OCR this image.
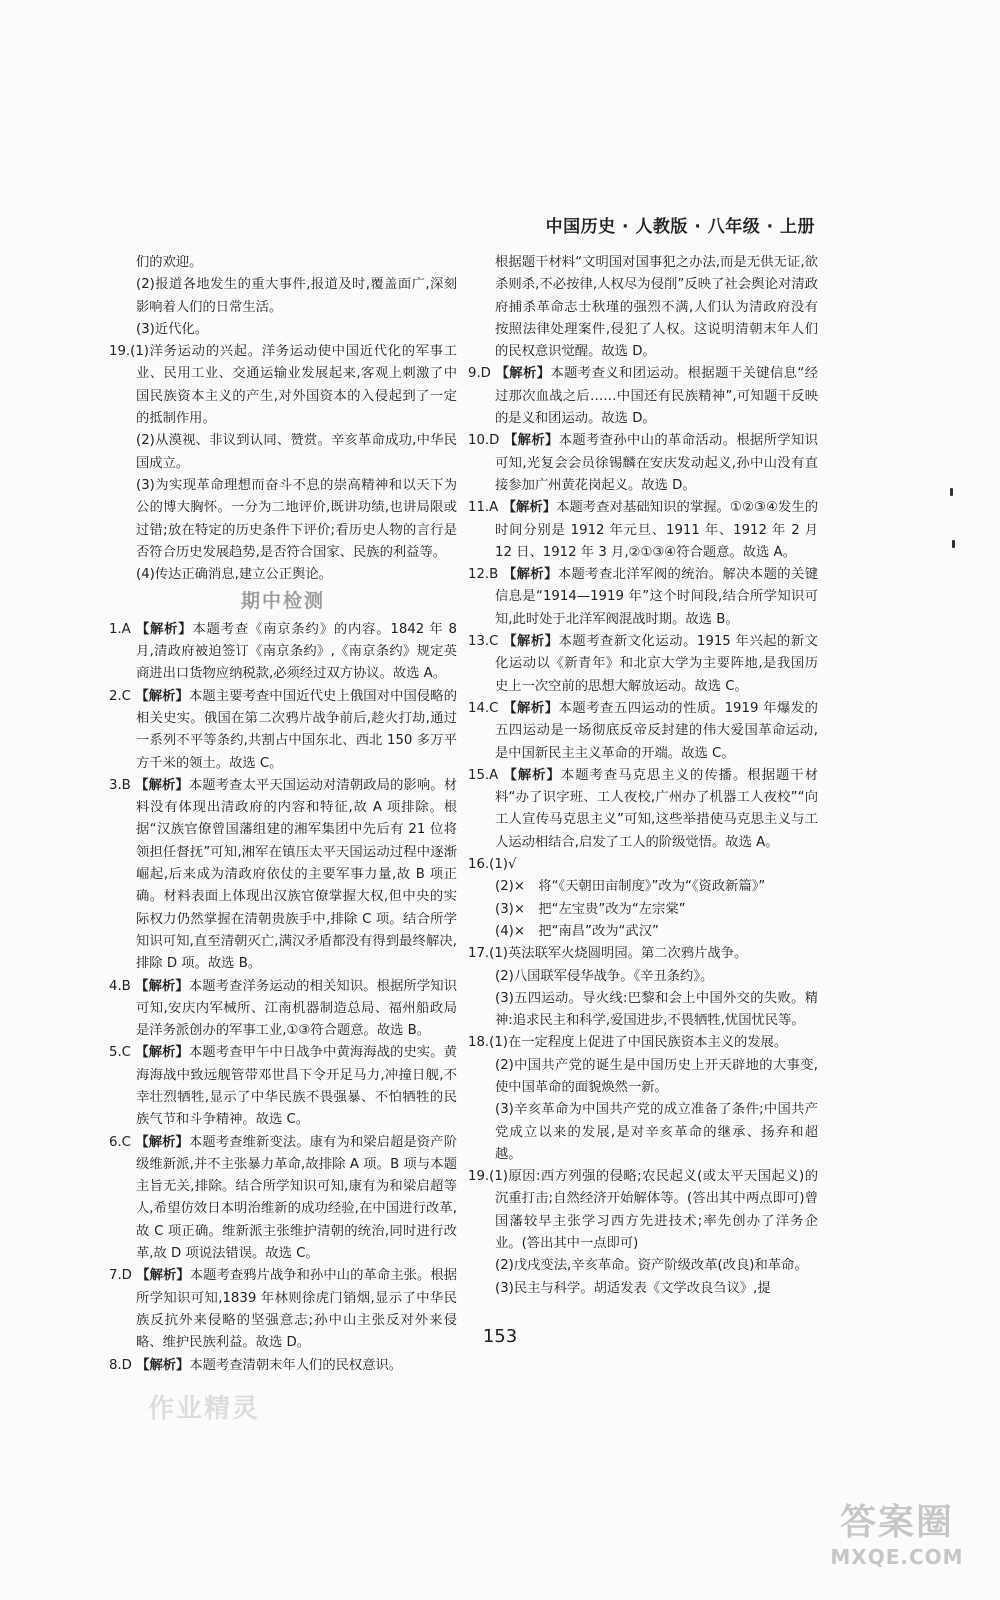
中国历史 · 人教版 · 八年级 · 上册

们的欢迎。

(2)报道各地发生的重大事件,报道及时,覆盖面广,深刻影响着人们的日常生活。

(3)近代化。

19.(1)洋务运动的兴起。洋务运动使中国近代化的军事工业、民用工业、交通运输业发展起来,客观上刺激了中国民族资本主义的产生,对外国资本的入侵起到了一定的抵制作用。

(2)从漠视、非议到认同、赞赏。辛亥革命成功,中华民国成立。

(3)为实现革命理想而奋斗不息的崇高精神和以天下为公的博大胸怀。一分为二地评价,既讲功绩,也讲局限或过错;放在特定的历史条件下评价;看历史人物的言行是否符合历史发展趋势,是否符合国家、民族的利益等。

(4)传达正确消息,建立公正舆论。

期中检测

1.A 【解析】本题考查《南京条约》的内容。1842 年 8 月,清政府被迫签订《南京条约》,《南京条约》规定英商进出口货物应纳税款,必须经过双方协议。故选 A。

2.C 【解析】本题主要考查中国近代史上俄国对中国侵略的相关史实。俄国在第二次鸦片战争前后,趁火打劫,通过一系列不平等条约,共割占中国东北、西北 150 多万平方千米的领土。故选 C。

3.B 【解析】本题考查太平天国运动对清朝政局的影响。材料没有体现出清政府的内容和特征,故 A 项排除。根据“汉族官僚曾国藩组建的湘军集团中先后有 21 位将领担任督抚”可知,湘军在镇压太平天国运动过程中逐渐崛起,后来成为清政府依仗的主要军事力量,故 B 项正确。材料表面上体现出汉族官僚掌握大权,但中央的实际权力仍然掌握在清朝贵族手中,排除 C 项。结合所学知识可知,直至清朝灭亡,满汉矛盾都没有得到最终解决,排除 D 项。故选 B。

4.B 【解析】本题考查洋务运动的相关知识。根据所学知识可知,安庆内军械所、江南机器制造总局、福州船政局是洋务派创办的军事工业,①③符合题意。故选 B。

5.C 【解析】本题考查甲午中日战争中黄海海战的史实。黄海海战中致远舰管带邓世昌下令开足马力,冲撞日舰,不幸壮烈牺牲,显示了中华民族不畏强暴、不怕牺牲的民族气节和斗争精神。故选 C。

6.C 【解析】本题考查维新变法。康有为和梁启超是资产阶级维新派,并不主张暴力革命,故排除 A 项。B 项与本题主旨无关,排除。结合所学知识可知,康有为和梁启超等人,希望仿效日本明治维新的成功经验,在中国进行改革,故 C 项正确。维新派主张维护清朝的统治,同时进行改革,故 D 项说法错误。故选 C。

7.D 【解析】本题考查鸦片战争和孙中山的革命主张。根据所学知识可知,1839 年林则徐虎门销烟,显示了中华民族反抗外来侵略的坚强意志;孙中山主张反对外来侵略、维护民族利益。故选 D。

8.D 【解析】本题考查清朝末年人们的民权意识。

根据题干材料“文明国对国事犯之办法,而是无供无证,欲杀则杀,不必按律,人权尽为侵削”反映了社会舆论对清政府捕杀革命志士秋瑾的强烈不满,人们认为清政府没有按照法律处理案件,侵犯了人权。这说明清朝末年人们的民权意识觉醒。故选 D。

9.D 【解析】本题考查义和团运动。根据题干关键信息“经过那次血战之后……中国还有民族精神”,可知题干反映的是义和团运动。故选 D。

10.D 【解析】本题考查孙中山的革命活动。根据所学知识可知,光复会会员徐锡麟在安庆发动起义,孙中山没有直接参加广州黄花岗起义。故选 D。

11.A 【解析】本题考查对基础知识的掌握。①②③④发生的时间分别是 1912 年元旦、1911 年、1912 年 2 月 12 日、1912 年 3 月,②①③④符合题意。故选 A。

12.B 【解析】本题考查北洋军阀的统治。解决本题的关键信息是“1914—1919 年”这个时间段,结合所学知识可知,此时处于北洋军阀混战时期。故选 B。

13.C 【解析】本题考查新文化运动。1915 年兴起的新文化运动以《新青年》和北京大学为主要阵地,是我国历史上一次空前的思想大解放运动。故选 C。

14.C 【解析】本题考查五四运动的性质。1919 年爆发的五四运动是一场彻底反帝反封建的伟大爱国革命运动,是中国新民主主义革命的开端。故选 C。

15.A 【解析】本题考查马克思主义的传播。根据题干材料“办了识字班、工人夜校,广州办了机器工人夜校”“向工人宣传马克思主义”可知,这些举措使马克思主义与工人运动相结合,启发了工人的阶级觉悟。故选 A。

16.(1)√

(2)×　将“《天朝田亩制度》”改为“《资政新篇》”

(3)×　把“左宝贵”改为“左宗棠”

(4)×　把“南昌”改为“武汉”

17.(1)英法联军火烧圆明园。第二次鸦片战争。

(2)八国联军侵华战争。《辛丑条约》。

(3)五四运动。导火线:巴黎和会上中国外交的失败。精神:追求民主和科学,爱国进步,不畏牺牲,忧国忧民等。

18.(1)在一定程度上促进了中国民族资本主义的发展。

(2)中国共产党的诞生是中国历史上开天辟地的大事变,使中国革命的面貌焕然一新。

(3)辛亥革命为中国共产党的成立准备了条件;中国共产党成立以来的发展,是对辛亥革命的继承、扬弃和超越。

19.(1)原因:西方列强的侵略;农民起义(或太平天国起义)的沉重打击;自然经济开始解体等。(答出其中两点即可)曾国藩较早主张学习西方先进技术;率先创办了洋务企业。(答出其中一点即可)

(2)戊戌变法,辛亥革命。资产阶级改革(改良)和革命。

(3)民主与科学。胡适发表《文学改良刍议》,提

153
作业精灵
答案圈
MXQE.COM
